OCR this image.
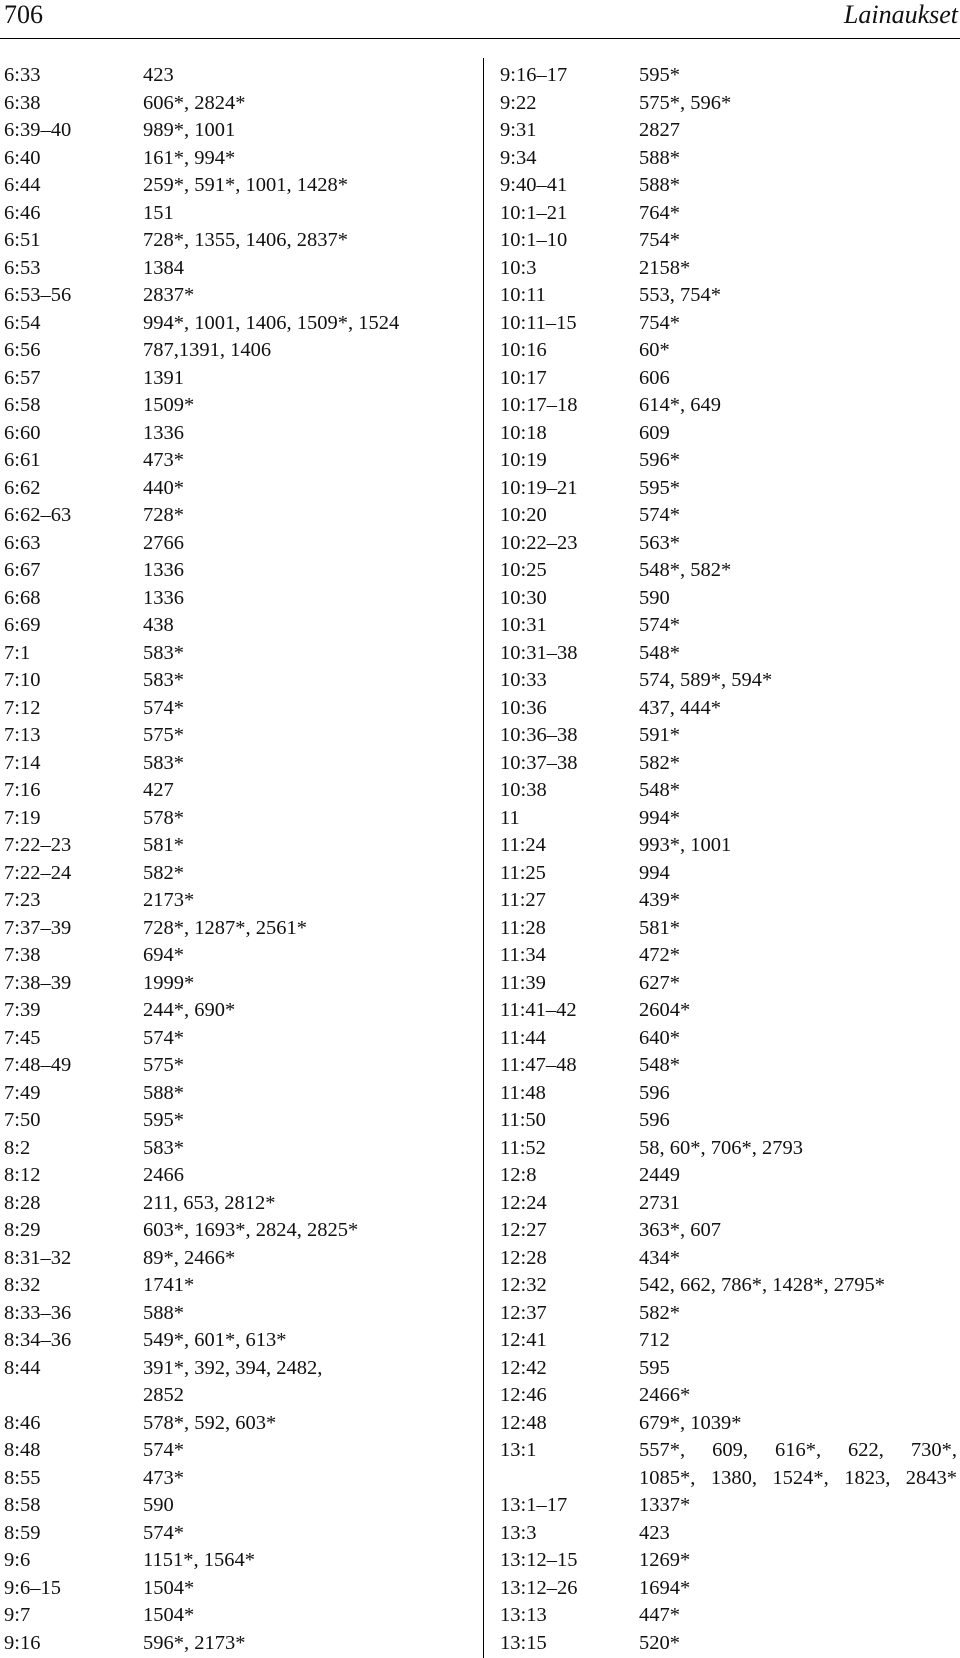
706	Lainaukset
6:33	423
6:38	606*, 2824*
6:39–40	989*, 1001
6:40	161*, 994*
6:44	259*, 591*, 1001, 1428*
6:46	151
6:51	728*, 1355, 1406, 2837*
6:53	1384
6:53–56	2837*
6:54	994*, 1001, 1406, 1509*, 1524
6:56	787,1391, 1406
6:57	1391
6:58	1509*
6:60	1336
6:61	473*
6:62	440*
6:62–63	728*
6:63	2766
6:67	1336
6:68	1336
6:69	438
7:1	583*
7:10	583*
7:12	574*
7:13	575*
7:14	583*
7:16	427
7:19	578*
7:22–23	581*
7:22–24	582*
7:23	2173*
7:37–39	728*, 1287*, 2561*
7:38	694*
7:38–39	1999*
7:39	244*, 690*
7:45	574*
7:48–49	575*
7:49	588*
7:50	595*
8:2	583*
8:12	2466
8:28	211, 653, 2812*
8:29	603*, 1693*, 2824, 2825*
8:31–32	89*, 2466*
8:32	1741*
8:33–36	588*
8:34–36	549*, 601*, 613*
8:44	391*, 392, 394, 2482,
2852
8:46	578*, 592, 603*
8:48	574*
8:55	473*
8:58	590
8:59	574*
9:6	1151*, 1564*
9:6–15	1504*
9:7	1504*
9:16	596*, 2173*
9:16–17	595*
9:22	575*, 596*
9:31	2827
9:34	588*
9:40–41	588*
10:1–21	764*
10:1–10	754*
10:3	2158*
10:11	553, 754*
10:11–15	754*
10:16	60*
10:17	606
10:17–18	614*, 649
10:18	609
10:19	596*
10:19–21	595*
10:20	574*
10:22–23	563*
10:25	548*, 582*
10:30	590
10:31	574*
10:31–38	548*
10:33	574, 589*, 594*
10:36	437, 444*
10:36–38	591*
10:37–38	582*
10:38	548*
11	994*
11:24	993*, 1001
11:25	994
11:27	439*
11:28	581*
11:34	472*
11:39	627*
11:41–42	2604*
11:44	640*
11:47–48	548*
11:48	596
11:50	596
11:52	58, 60*, 706*, 2793
12:8	2449
12:24	2731
12:27	363*, 607
12:28	434*
12:32	542, 662, 786*, 1428*, 2795*
12:37	582*
12:41	712
12:42	595
12:46	2466*
12:48	679*, 1039*
13:1	557*, 609, 616*, 622, 730*,
1085*, 1380, 1524*, 1823, 2843*
13:1–17	1337*
13:3	423
13:12–15	1269*
13:12–26	1694*
13:13	447*
13:15	520*
